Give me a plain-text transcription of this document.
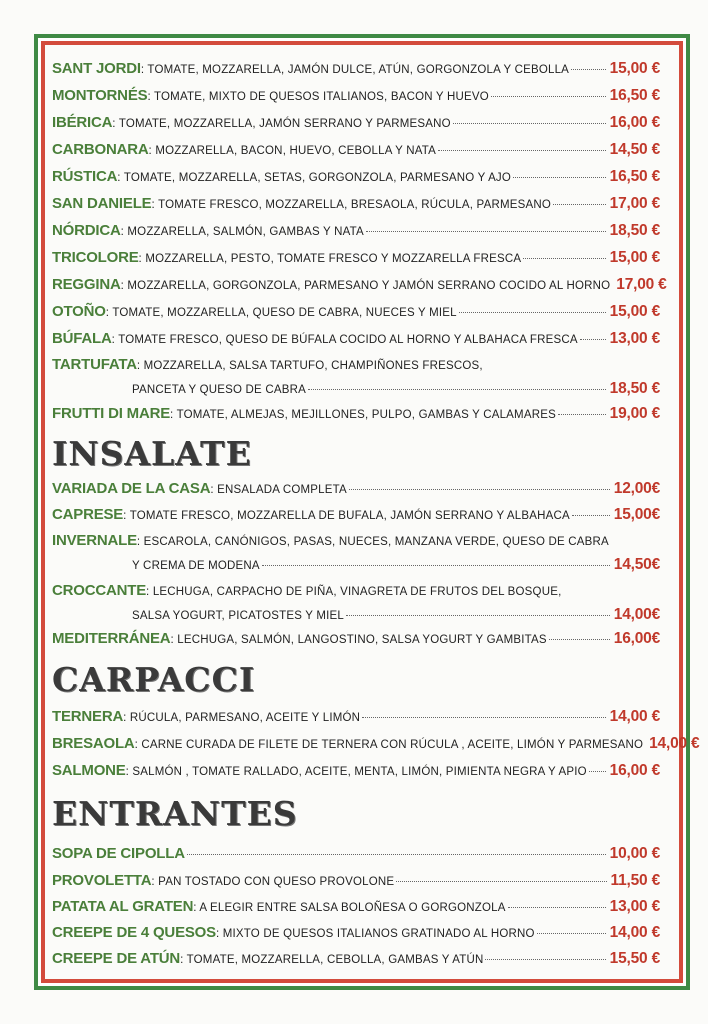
SANT JORDI : TOMATE, MOZZARELLA, JAMÓN DULCE, ATÚN, GORGONZOLA Y CEBOLLA	15,00 €
MONTORNÉS : TOMATE, MIXTO DE QUESOS ITALIANOS, BACON Y HUEVO	16,50 €
IBÉRICA : TOMATE, MOZZARELLA, JAMÓN SERRANO Y PARMESANO	16,00 €
CARBONARA : MOZZARELLA, BACON, HUEVO, CEBOLLA Y NATA	14,50 €
RÚSTICA : TOMATE, MOZZARELLA, SETAS, GORGONZOLA, PARMESANO Y AJO	16,50 €
SAN DANIELE : TOMATE FRESCO, MOZZARELLA, BRESAOLA, RÚCULA, PARMESANO	17,00 €
NÓRDICA : MOZZARELLA, SALMÓN, GAMBAS Y NATA	18,50 €
TRICOLORE : MOZZARELLA, PESTO, TOMATE FRESCO Y MOZZARELLA FRESCA	15,00 €
REGGINA : MOZZARELLA, GORGONZOLA, PARMESANO Y JAMÓN SERRANO COCIDO AL HORNO 17,00 €
OTOÑO : TOMATE, MOZZARELLA, QUESO DE CABRA, NUECES Y MIEL	15,00 €
BÚFALA : TOMATE FRESCO, QUESO DE BÚFALA COCIDO AL HORNO Y ALBAHACA FRESCA 13,00 €
TARTUFATA : MOZZARELLA, SALSA TARTUFO, CHAMPIÑONES FRESCOS,
PANCETA Y QUESO DE CABRA	18,50 €
FRUTTI DI MARE : TOMATE, ALMEJAS, MEJILLONES, PULPO, GAMBAS Y CALAMARES	19,00 €
INSALATE
VARIADA DE LA CASA : ENSALADA COMPLETA	12,00€
CAPRESE : TOMATE FRESCO, MOZZARELLA DE BUFALA, JAMÓN SERRANO Y ALBAHACA	15,00€
INVERNALE : ESCAROLA, CANÓNIGOS, PASAS, NUECES, MANZANA VERDE, QUESO DE CABRA
Y CREMA DE MODENA	14,50€
CROCCANTE : LECHUGA, CARPACHO DE PIÑA, VINAGRETA DE FRUTOS DEL BOSQUE,
SALSA YOGURT, PICATOSTES Y MIEL	14,00€
MEDITERRÁNEA : LECHUGA, SALMÓN, LANGOSTINO, SALSA YOGURT Y GAMBITAS	16,00€
CARPACCI
TERNERA : RÚCULA, PARMESANO, ACEITE Y LIMÓN	14,00 €
BRESAOLA : CARNE CURADA DE FILETE DE TERNERA CON RÚCULA , ACEITE, LIMÓN Y PARMESANO 14,00 €
SALMONE : SALMÓN , TOMATE RALLADO, ACEITE, MENTA, LIMÓN, PIMIENTA NEGRA Y APIO 16,00 €
ENTRANTES
SOPA DE CIPOLLA	10,00 €
PROVOLETTA : PAN TOSTADO CON QUESO PROVOLONE	11,50 €
PATATA AL GRATEN : A ELEGIR ENTRE SALSA BOLOÑESA O GORGONZOLA	13,00 €
CREEPE DE 4 QUESOS : MIXTO DE QUESOS ITALIANOS GRATINADO AL HORNO	14,00 €
CREEPE DE ATÚN : TOMATE, MOZZARELLA, CEBOLLA, GAMBAS Y ATÚN	15,50 €
